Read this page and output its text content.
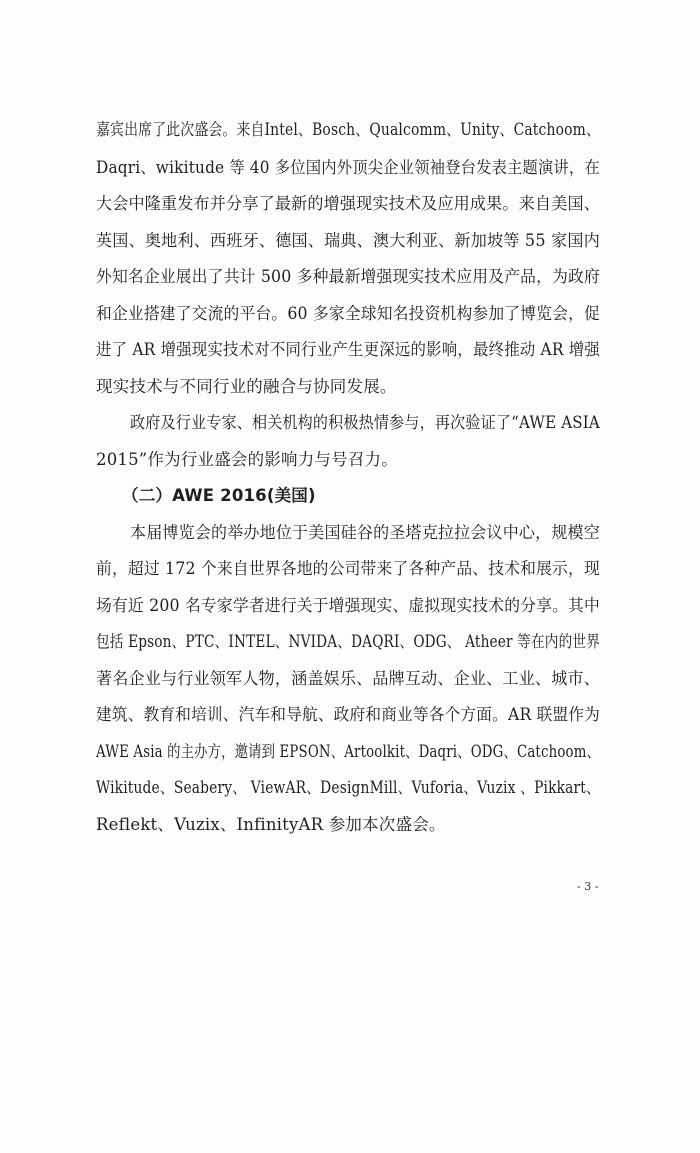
嘉宾出席了此次盛会。来自Intel、Bosch、Qualcomm、Unity、Catchoom、
Daqri、wikitude 等 40 多位国内外顶尖企业领袖登台发表主题演讲，在
大会中隆重发布并分享了最新的增强现实技术及应用成果。来自美国、
英国、奥地利、西班牙、德国、瑞典、澳大利亚、新加坡等 55 家国内
外知名企业展出了共计 500 多种最新增强现实技术应用及产品，为政府
和企业搭建了交流的平台。60 多家全球知名投资机构参加了博览会，促
进了 AR 增强现实技术对不同行业产生更深远的影响，最终推动 AR 增强
现实技术与不同行业的融合与协同发展。
政府及行业专家、相关机构的积极热情参与，再次验证了“AWE ASIA
2015”作为行业盛会的影响力与号召力。
（二）AWE 2016(美国)
本届博览会的举办地位于美国硅谷的圣塔克拉拉会议中心，规模空
前，超过 172 个来自世界各地的公司带来了各种产品、技术和展示，现
场有近 200 名专家学者进行关于增强现实、虚拟现实技术的分享。其中
包括 Epson、PTC、INTEL、NVIDA、DAQRI、ODG、 Atheer 等在内的世界
著名企业与行业领军人物，涵盖娱乐、品牌互动、企业、工业、城市、
建筑、教育和培训、汽车和导航、政府和商业等各个方面。AR 联盟作为
AWE Asia 的主办方，邀请到 EPSON、Artoolkit、Daqri、ODG、Catchoom、
Wikitude、Seabery、 ViewAR、DesignMill、Vuforia、Vuzix 、Pikkart、
Reflekt、Vuzix、InfinityAR 参加本次盛会。
- 3 -
